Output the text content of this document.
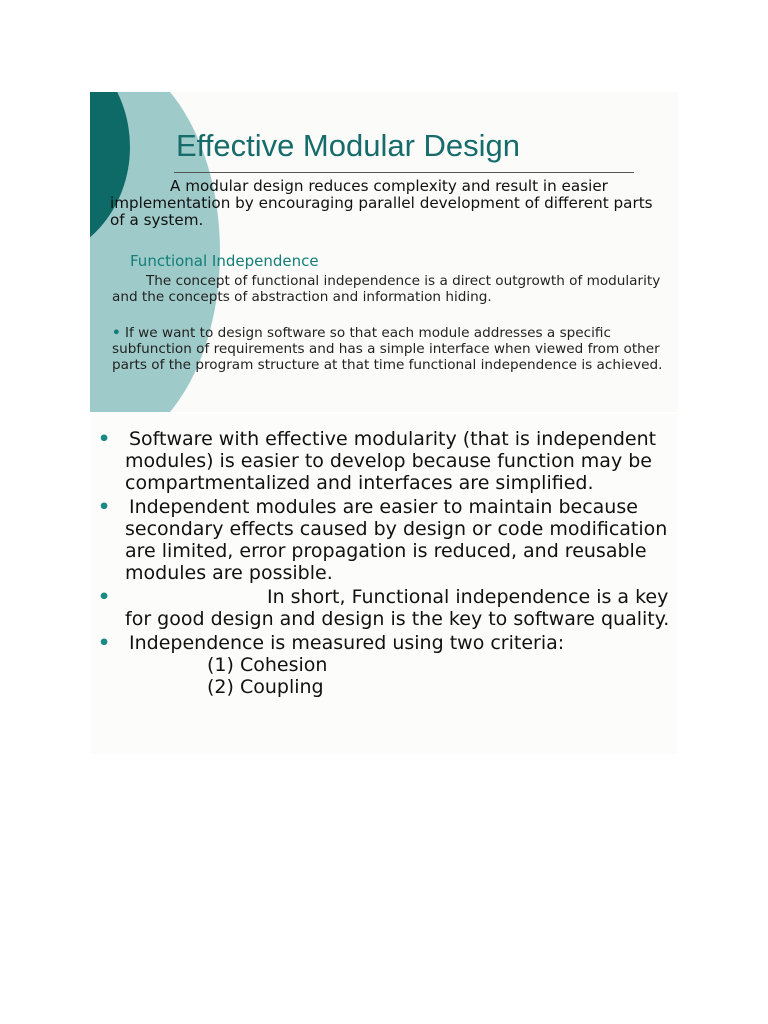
Effective Modular Design

A modular design reduces complexity and result in easier implementation by encouraging parallel development of different parts of a system.

Functional Independence

The concept of functional independence is a direct outgrowth of modularity and the concepts of abstraction and information hiding.

• If we want to design software so that each module addresses a specific subfunction of requirements and has a simple interface when viewed from other parts of the program structure at that time functional independence is achieved.

• Software with effective modularity (that is independent modules) is easier to develop because function may be compartmentalized and interfaces are simplified.
• Independent modules are easier to maintain because secondary effects caused by design or code modification are limited, error propagation is reduced, and reusable modules are possible.
•	In short, Functional independence is a key for good design and design is the key to software quality.
• Independence is measured using two criteria:
(1) Cohesion
(2) Coupling
